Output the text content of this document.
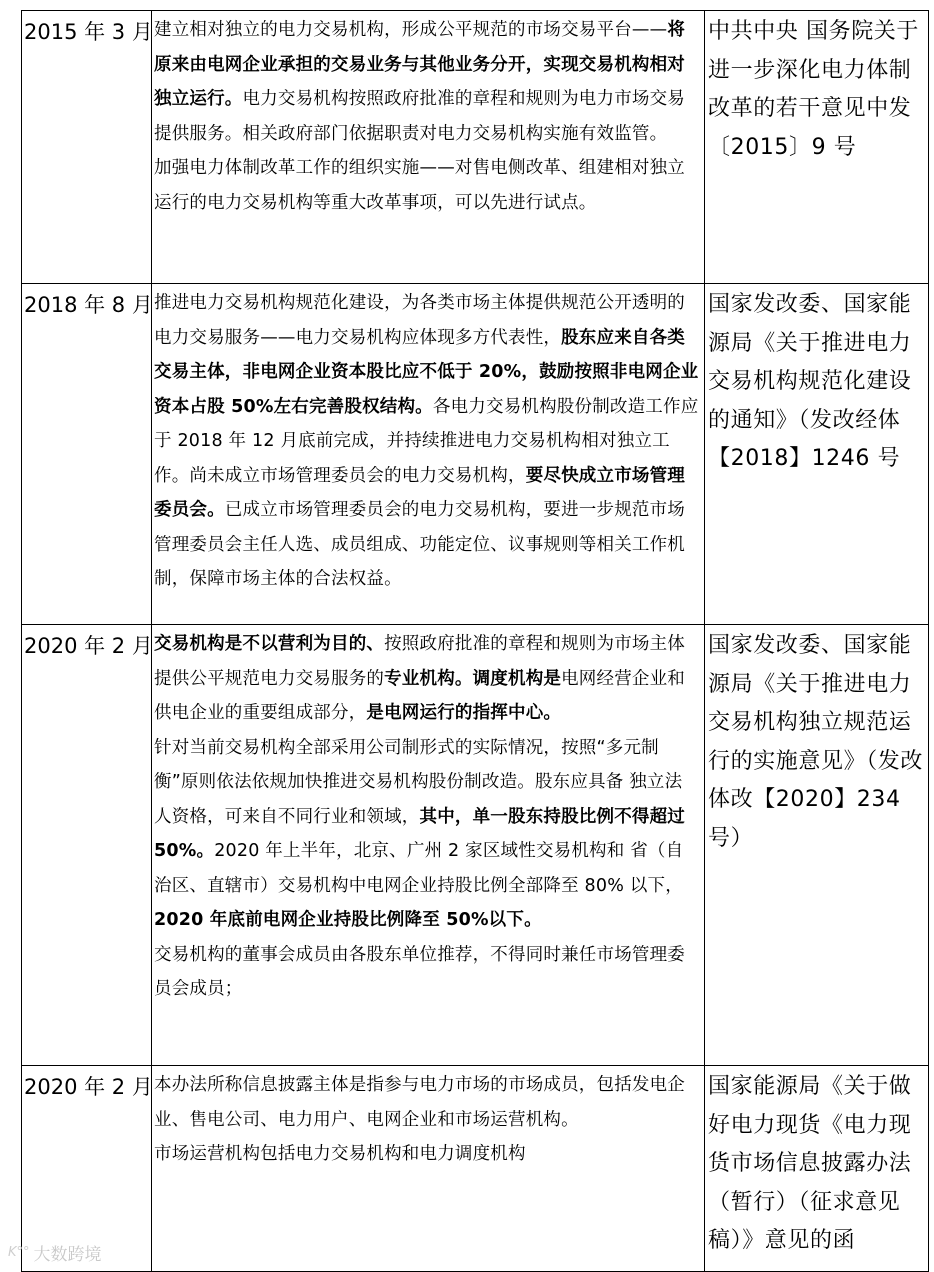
2015 年 3 月	建立相对独立的电力交易机构，形成公平规范的市场交易平台——将原来由电网企业承担的交易业务与其他业务分开，实现交易机构相对独立运行。电力交易机构按照政府批准的章程和规则为电力市场交易提供服务。相关政府部门依据职责对电力交易机构实施有效监管。

加强电力体制改革工作的组织实施——对售电侧改革、组建相对独立运行的电力交易机构等重大改革事项，可以先进行试点。	中共中央 国务院关于进一步深化电力体制改革的若干意见中发〔2015〕9 号
2018 年 8 月	推进电力交易机构规范化建设，为各类市场主体提供规范公开透明的电力交易服务——电力交易机构应体现多方代表性，股东应来自各类交易主体，非电网企业资本股比应不低于 20%，鼓励按照非电网企业资本占股 50%左右完善股权结构。各电力交易机构股份制改造工作应于 2018 年 12 月底前完成，并持续推进电力交易机构相对独立工作。尚未成立市场管理委员会的电力交易机构，要尽快成立市场管理委员会。已成立市场管理委员会的电力交易机构，要进一步规范市场管理委员会主任人选、成员组成、功能定位、议事规则等相关工作机制，保障市场主体的合法权益。	国家发改委、国家能源局《关于推进电力交易机构规范化建设的通知》（发改经体【2018】1246 号
2020 年 2 月	交易机构是不以营利为目的、按照政府批准的章程和规则为市场主体提供公平规范电力交易服务的专业机构。调度机构是电网经营企业和供电企业的重要组成部分，是电网运行的指挥中心。

针对当前交易机构全部采用公司制形式的实际情况，按照“多元制衡”原则依法依规加快推进交易机构股份制改造。股东应具备 独立法人资格，可来自不同行业和领域，其中，单一股东持股比例不得超过 50%。2020 年上半年，北京、广州 2 家区域性交易机构和 省（自治区、直辖市）交易机构中电网企业持股比例全部降至 80% 以下，2020 年底前电网企业持股比例降至 50%以下。

交易机构的董事会成员由各股东单位推荐，不得同时兼任市场管理委员会成员；	国家发改委、国家能源局《关于推进电力交易机构独立规范运行的实施意见》（发改体改【2020】234 号）
2020 年 2 月	本办法所称信息披露主体是指参与电力市场的市场成员，包括发电企业、售电公司、电力用户、电网企业和市场运营机构。

市场运营机构包括电力交易机构和电力调度机构	国家能源局《关于做好电力现货《电力现货市场信息披露办法（暂行）（征求意见稿）》意见的函
K°° 大数跨境
